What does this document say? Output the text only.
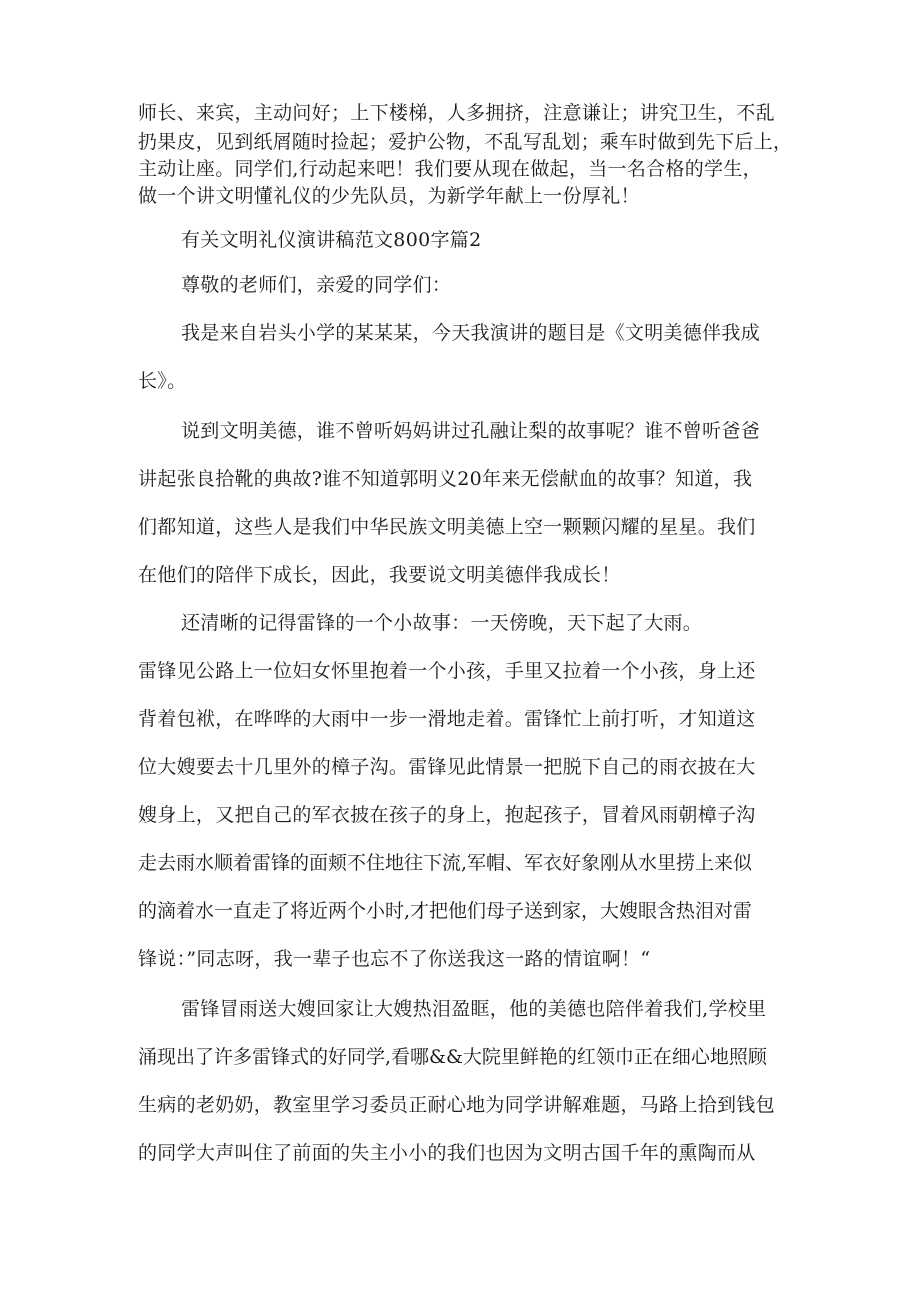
师长、来宾，主动问好；上下楼梯，人多拥挤，注意谦让；讲究卫生，不乱
扔果皮，见到纸屑随时捡起；爱护公物，不乱写乱划；乘车时做到先下后上，
主动让座。同学们,行动起来吧！我们要从现在做起，当一名合格的学生，
做一个讲文明懂礼仪的少先队员，为新学年献上一份厚礼！
有关文明礼仪演讲稿范文800字篇2
尊敬的老师们，亲爱的同学们：
我是来自岩头小学的某某某，今天我演讲的题目是《文明美德伴我成
长》。
说到文明美德，谁不曾听妈妈讲过孔融让梨的故事呢？谁不曾听爸爸
讲起张良拾靴的典故?谁不知道郭明义20年来无偿献血的故事？知道，我
们都知道，这些人是我们中华民族文明美德上空一颗颗闪耀的星星。我们
在他们的陪伴下成长，因此，我要说文明美德伴我成长！
还清晰的记得雷锋的一个小故事：一天傍晚，天下起了大雨。
雷锋见公路上一位妇女怀里抱着一个小孩，手里又拉着一个小孩，身上还
背着包袱，在哗哗的大雨中一步一滑地走着。雷锋忙上前打听，才知道这
位大嫂要去十几里外的樟子沟。雷锋见此情景一把脱下自己的雨衣披在大
嫂身上，又把自己的军衣披在孩子的身上，抱起孩子，冒着风雨朝樟子沟
走去雨水顺着雷锋的面颊不住地往下流,军帽、军衣好象刚从水里捞上来似
的滴着水一直走了将近两个小时,才把他们母子送到家，大嫂眼含热泪对雷
锋说：”同志呀，我一辈子也忘不了你送我这一路的情谊啊！“
雷锋冒雨送大嫂回家让大嫂热泪盈眶，他的美德也陪伴着我们,学校里
涌现出了许多雷锋式的好同学,看哪&&大院里鲜艳的红领巾正在细心地照顾
生病的老奶奶，教室里学习委员正耐心地为同学讲解难题，马路上拾到钱包
的同学大声叫住了前面的失主小小的我们也因为文明古国千年的熏陶而从
